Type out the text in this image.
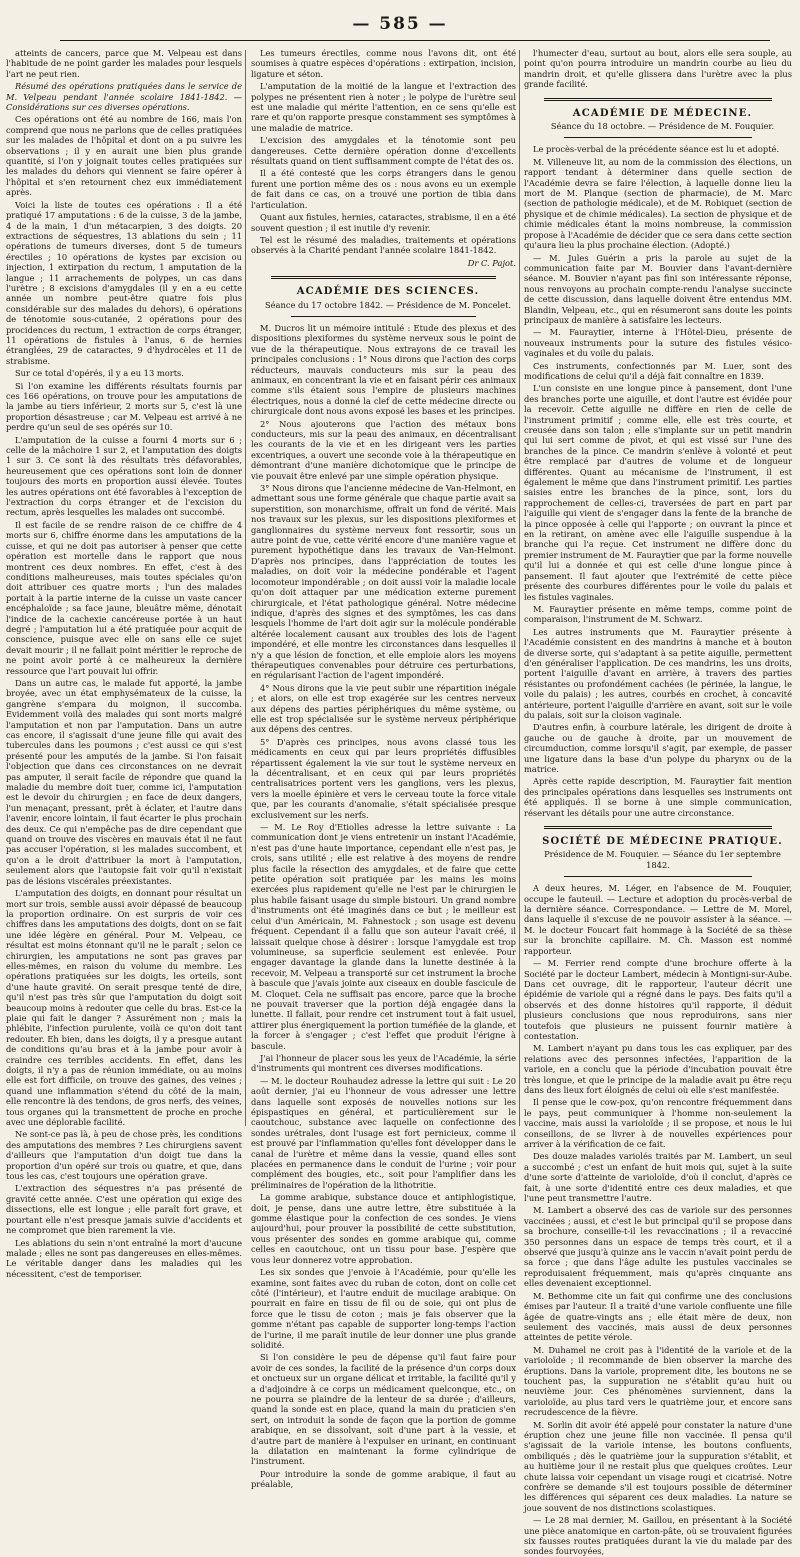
— 585 —

atteints de cancers, parce que M. Velpeau est dans l'habitude de ne point garder les malades pour lesquels l'art ne peut rien.

Résumé des opérations pratiquées dans le service de M. Velpeau pendant l'année scolaire 1841-1842. — Considérations sur ces diverses opérations.

Ces opérations ont été au nombre de 166, mais l'on comprend que nous ne parlons que de celles pratiquées sur les malades de l'hôpital et dont on a pu suivre les observations ; il y en aurait une bien plus grande quantité, si l'on y joignait toutes celles pratiquées sur les malades du dehors qui viennent se faire opérer à l'hôpital et s'en retournent chez eux immédiatement après.

Voici la liste de toutes ces opérations : Il a été pratiqué 17 amputations : 6 de la cuisse, 3 de la jambe, 4 de la main, 1 d'un métacarpien, 3 des doigts. 20 extractions de séquestres, 13 ablations du sein ; 11 opérations de tumeurs diverses, dont 5 de tumeurs érectiles ; 10 opérations de kystes par excision ou injection, 1 extirpation du rectum, 1 amputation de la langue ; 11 arrachements de polypes, un cas dans l'urètre ; 8 excisions d'amygdales (il y en a eu cette année un nombre peut-être quatre fois plus considérable sur des malades du dehors), 6 opérations de ténotomie sous-cutanée, 2 opérations pour des procidences du rectum, 1 extraction de corps étranger, 11 opérations de fistules à l'anus, 6 de hernies étranglées, 29 de cataractes, 9 d'hydrocèles et 11 de strabisme.

Sur ce total d'opérés, il y a eu 13 morts.

Si l'on examine les différents résultats fournis par ces 166 opérations, on trouve pour les amputations de la jambe au tiers inférieur, 2 morts sur 5, c'est là une proportion désastreuse ; car M. Velpeau est arrivé à ne perdre qu'un seul de ses opérés sur 10.

L'amputation de la cuisse a fourni 4 morts sur 6 ; celle de la mâchoire 1 sur 2, et l'amputation des doigts 1 sur 3. Ce sont là des résultats très défavorables, heureusement que ces opérations sont loin de donner toujours des morts en proportion aussi élevée. Toutes les autres opérations ont été favorables à l'exception de l'extraction du corps étranger et de l'excision du rectum, après lesquelles les malades ont succombé.

Il est facile de se rendre raison de ce chiffre de 4 morts sur 6, chiffre énorme dans les amputations de la cuisse, et qui ne doit pas autoriser à penser que cette opération est mortelle dans le rapport que nous montrent ces deux nombres. En effet, c'est à des conditions malheureuses, mais toutes spéciales qu'on doit attribuer ces quatre morts ; l'un des malades portait à la partie interne de la cuisse un vaste cancer encéphaloïde ; sa face jaune, bleuâtre même, dénotait l'indice de la cachexie cancéreuse portée à un haut degré ; l'amputation lui a été pratiquée pour acquit de conscience, puisque avec elle on sans elle ce sujet devait mourir ; il ne fallait point méritier le reproche de ne point avoir porté à ce malheureux la dernière ressource que l'art pouvait lui offrir.

Dans un autre cas, le malade fut apporté, la jambe broyée, avec un état emphysémateux de la cuisse, la gangrène s'empara du moignon, il succomba. Evidemment voilà des malades qui sont morts malgré l'amputation et non par l'amputation. Dans un autre cas encore, il s'agissait d'une jeune fille qui avait des tubercules dans les poumons ; c'est aussi ce qui s'est présenté pour les amputés de la jambe. Si l'on faisait l'objection que dans ces circonstances on ne devrait pas amputer, il serait facile de répondre que quand la maladie du membre doit tuer, comme ici, l'amputation est le devoir du chirurgien ; en face de deux dangers, l'un menaçant, pressant, prêt à éclater, et l'autre dans l'avenir, encore lointain, il faut écarter le plus prochain des deux. Ce qui n'empêche pas de dire cependant que quand on trouve des viscères en mauvais état il ne faut pas accuser l'opération, si les malades succombent, et qu'on a le droit d'attribuer la mort à l'amputation, seulement alors que l'autopsie fait voir qu'il n'existait pas de lésions viscérales préexistantes.

L'amputation des doigts, en donnant pour résultat un mort sur trois, semble aussi avoir dépassé de beaucoup la proportion ordinaire. On est surpris de voir ces chiffres dans les amputations des doigts, dont on se fait une idée légère en général. Pour M. Velpeau, ce résultat est moins étonnant qu'il ne le paraît ; selon ce chirurgien, les amputations ne sont pas graves par elles-mêmes, en raison du volume du membre. Les opérations pratiquées sur les doigts, les orteils, sont d'une haute gravité. On serait presque tenté de dire, qu'il n'est pas très sûr que l'amputation du doigt soit beaucoup moins à redouter que celle du bras. Est-ce la plaie qui fait le danger ? Assurément non ; mais la phlébite, l'infection purulente, voilà ce qu'on doit tant redouter. Eh bien, dans les doigts, il y a presque autant de conditions qu'au bras et à la jambe pour avoir à craindre ces terribles accidents. En effet, dans les doigts, il n'y a pas de réunion immédiate, ou au moins elle est fort difficile, on trouve des gaines, des veines ; quand une inflammation s'étend du côté de la main, elle rencontre là des tendons, de gros nerfs, des veines, tous organes qui la transmettent de proche en proche avec une déplorable facilité.

Ne sont-ce pas là, à peu de chose près, les conditions des amputations des membres ? Les chirurgiens savent d'ailleurs que l'amputation d'un doigt tue dans la proportion d'un opéré sur trois ou quatre, et que, dans tous les cas, c'est toujours une opération grave.

L'extraction des séquestres n'a pas présenté de gravité cette année. C'est une opération qui exige des dissections, elle est longue ; elle paraît fort grave, et pourtant elle n'est presque jamais suivie d'accidents et ne compromet que bien rarement la vie.

Les ablations du sein n'ont entraîné la mort d'aucune malade ; elles ne sont pas dangereuses en elles-mêmes. Le véritable danger dans les maladies qui les nécessitent, c'est de temporiser.

Les tumeurs érectiles, comme nous l'avons dit, ont été soumises à quatre espèces d'opérations : extirpation, incision, ligature et séton.

L'amputation de la moitié de la langue et l'extraction des polypes ne présentent rien à noter ; le polype de l'urètre seul est une maladie qui mérite l'attention, en ce sens qu'elle est rare et qu'on rapporte presque constamment ses symptômes à une maladie de matrice.

L'excision des amygdales et la ténotomie sont peu dangereuses. Cette dernière opération donne d'excellents résultats quand on tient suffisamment compte de l'état des os.

Il a été contesté que les corps étrangers dans le genou furent une portion même des os : nous avons eu un exemple de fait dans ce cas, on a trouvé une portion de tibia dans l'articulation.

Quant aux fistules, hernies, cataractes, strabisme, il en a été souvent question ; il est inutile d'y revenir.

Tel est le résumé des maladies, traitements et opérations observés à la Charité pendant l'année scolaire 1841-1842.

Dr C. Pajot.

ACADÉMIE DES SCIENCES.

Séance du 17 octobre 1842. — Présidence de M. Poncelet.

M. Ducros lit un mémoire intitulé : Etude des plexus et des dispositions plexiformes du système nerveux sous le point de vue de la thérapeutique. Nous extrayons de ce travail les principales conclusions : 1° Nous dirons que l'action des corps réducteurs, mauvais conducteurs mis sur la peau des animaux, en concentrant la vie et en faisant périr ces animaux comme s'ils étaient sous l'empire de plusieurs machines électriques, nous a donné la clef de cette médecine directe ou chirurgicale dont nous avons exposé les bases et les principes.

2° Nous ajouterons que l'action des métaux bons conducteurs, mis sur la peau des animaux, en décentralisant les courants de la vie et en les dirigeant vers les parties excentriques, a ouvert une seconde voie à la thérapeutique en démontrant d'une manière dichotomique que le principe de vie pouvait être enlevé par une simple opération physique.

3° Nous dirons que l'ancienne médecine de Van-Helmont, en admettant sous une forme générale que chaque partie avait sa superstition, son monarchisme, offrait un fond de vérité. Mais nos travaux sur les plexus, sur les dispositions plexiformes et ganglionnaires du système nerveux font ressortir, sous un autre point de vue, cette vérité encore d'une manière vague et purement hypothétique dans les travaux de Van-Helmont. D'après nos principes, dans l'appréciation de toutes les maladies, on doit voir la médecine pondérable et l'agent locomoteur impondérable ; on doit aussi voir la maladie locale qu'on doit attaquer par une médication externe purement chirurgicale, et l'état pathologique général. Notre médecine indique, d'après des signes et des symptômes, les cas dans lesquels l'homme de l'art doit agir sur la molécule pondérable altérée localement causant aux troubles des lois de l'agent impondéré, et elle montre les circonstances dans lesquelles il n'y a que lésion de fonction, et elle emploie alors les moyens thérapeutiques convenables pour détruire ces perturbations, en régularisant l'action de l'agent impondéré.

4° Nous dirons que la vie peut subir une répartition inégale ; et alors, on elle est trop exagérée sur les centres nerveux aux dépens des parties périphériques du même système, ou elle est trop spécialisée sur le système nerveux périphérique aux dépens des centres.

5° D'après ces principes, nous avons classé tous les médicaments en ceux qui par leurs propriétés diffusibles répartissent également la vie sur tout le système nerveux en la décentralisant, et en ceux qui par leurs propriétés centralisatrices portent vers les ganglions, vers les plexus, vers la moelle épinière et vers le cerveau toute la force vitale que, par les courants d'anomalie, s'était spécialisée presque exclusivement sur les nerfs.

— M. Le Roy d'Etiolles adresse la lettre suivante : La communication dont je viens entretenir un instant l'Académie, n'est pas d'une haute importance, cependant elle n'est pas, je crois, sans utilité ; elle est relative à des moyens de rendre plus facile la résection des amygdales, et de faire que cette petite opération soit pratiquée par les mains les moins exercées plus rapidement qu'elle ne l'est par le chirurgien le plus habile faisant usage du simple bistouri. Un grand nombre d'instruments ont été imaginés dans ce but ; le meilleur est celui d'un Américain, M. Fahnestock ; son usage est devenu fréquent. Cependant il a fallu que son auteur l'avait créé, il laissait quelque chose à désirer : lorsque l'amygdale est trop volumineuse, sa superficie seulement est enlevée. Pour engager davantage la glande dans la lunette destinée à la recevoir, M. Velpeau a transporté sur cet instrument la broche à bascule que j'avais jointe aux ciseaux en double fascicule de M. Cloquet. Cela ne suffisait pas encore, parce que la broche ne pouvait traverser que la portion déjà engagée dans la lunette. Il fallait, pour rendre cet instrument tout à fait usuel, attirer plus énergiquement la portion tuméfiée de la glande, et la forcer à s'engager ; c'est l'effet que produit l'érigne à bascule.

J'ai l'honneur de placer sous les yeux de l'Académie, la série d'instruments qui montrent ces diverses modifications.

— M. le docteur Rouhaudez adresse la lettre qui suit : Le 20 août dernier, j'ai eu l'honneur de vous adresser une lettre dans laquelle sont exposés de nouvelles notions sur les épispastiques en général, et particulièrement sur le caoutchouc, substance avec laquelle on confectionne des sondes urétrales, dont l'usage est fort pernicieux, comme il est prouvé par l'inflammation qu'elles font développer dans le canal de l'urètre et même dans la vessie, quand elles sont placées en permanence dans le conduit de l'urine ; voir pour complément des bougies, etc., soit pour l'amplifier dans les préliminaires de l'opération de la lithotritie.

La gomme arabique, substance douce et antiphlogistique, doit, je pense, dans une autre lettre, être substituée à la gomme élastique pour la confection de ces sondes. Je viens aujourd'hui, pour prouver la possibilité de cette substitution, vous présenter des sondes en gomme arabique qui, comme celles en caoutchouc, ont un tissu pour base. J'espère que vous leur donnerez votre approbation.

Les six sondes que j'envoie à l'Académie, pour qu'elle les examine, sont faites avec du ruban de coton, dont on colle cet côté (l'intérieur), et l'autre enduit de mucilage arabique. On pourrait en faire en tissu de fil ou de soie, qui ont plus de force que le tissu de coton ; mais je fais observer que la gomme n'étant pas capable de supporter long-temps l'action de l'urine, il me paraît inutile de leur donner une plus grande solidité.

Si l'on considère le peu de dépense qu'il faut faire pour avoir de ces sondes, la facilité de la présence d'un corps doux et onctueux sur un organe délicat et irritable, la facilité qu'il y a d'adjoindre à ce corps un médicament quelconque, etc., on ne pourra se plaindre de la lenteur de sa durée ; d'ailleurs, quand la sonde est en place, quand la main du praticien s'en sert, on introduit la sonde de façon que la portion de gomme arabique, en se dissolvant, soit d'une part à la vessie, et d'autre part de manière à l'expulser en urinant, en continuant la dilatation en maintenant la forme cylindrique de l'instrument.

Pour introduire la sonde de gomme arabique, il faut au préalable,

l'humecter d'eau, surtout au bout, alors elle sera souple, au point qu'on pourra introduire un mandrin courbe au lieu du mandrin droit, et qu'elle glissera dans l'urètre avec la plus grande facilité.

ACADÉMIE DE MÉDECINE.

Séance du 18 octobre. — Présidence de M. Fouquier.

Le procès-verbal de la précédente séance est lu et adopté.

M. Villeneuve lit, au nom de la commission des élections, un rapport tendant à déterminer dans quelle section de l'Académie devra se faire l'élection, à laquelle donne lieu la mort de M. Planque (section de pharmacie), de M. Marc (section de pathologie médicale), et de M. Robiquet (section de physique et de chimie médicales). La section de physique et de chimie médicales étant la moins nombreuse, la commission propose à l'Académie de décider que ce sera dans cette section qu'aura lieu la plus prochaine élection. (Adopté.)

— M. Jules Guérin a pris la parole au sujet de la communication faite par M. Bouvier dans l'avant-dernière séance. M. Bouvier n'ayant pas fini son intéressante réponse, nous renvoyons au prochain compte-rendu l'analyse succincte de cette discussion, dans laquelle doivent être entendus MM. Blandin, Velpeau, etc., qui en résumeront sans doute les points principaux de manière à satisfaire les lecteurs.

— M. Fauraytier, interne à l'Hôtel-Dieu, présente de nouveaux instruments pour la suture des fistules vésico-vaginales et du voile du palais.

Ces instruments, confectionnés par M. Luer, sont des modifications de celui qu'il a déjà fait connaître en 1839.

L'un consiste en une longue pince à pansement, dont l'une des branches porte une aiguille, et dont l'autre est évidée pour la recevoir. Cette aiguille ne diffère en rien de celle de l'instrument primitif ; comme elle, elle est très courte, et creusée dans son talon ; elle s'implante sur un petit mandrin qui lui sert comme de pivot, et qui est vissé sur l'une des branches de la pince. Ce mandrin s'enlève à volonté et peut être remplacé par d'autres de volume et de longueur différentes. Quant au mécanisme de l'instrument, il est également le même que dans l'instrument primitif. Les parties saisies entre les branches de la pince, sont, lors du rapprochement de celles-ci, traversées de part en part par l'aiguille qui vient de s'engager dans la fente de la branche de la pince opposée à celle qui l'apporte ; on ouvrant la pince et en la retirant, on amène avec elle l'aiguille suspendue à la branche qui l'a reçue. Cet instrument ne diffère donc du premier instrument de M. Fauraytier que par la forme nouvelle qu'il lui a donnée et qui est celle d'une longue pince à pansement. Il faut ajouter que l'extrémité de cette pièce présente des courbures différentes pour le voile du palais et les fistules vaginales.

M. Fauraytier présente en même temps, comme point de comparaison, l'instrument de M. Schwarz.

Les autres instruments que M. Fauraytier présente à l'Académie consistent en des mandrins à manche et à bouton de diverse sorte, qui s'adaptant à sa petite aiguille, permettent d'en généraliser l'application. De ces mandrins, les uns droits, portent l'aiguille d'avant en arrière, à travers des parties résistantes ou profondément cachées (le périnée, la langue, le voile du palais) ; les autres, courbés en crochet, à concavité antérieure, portent l'aiguille d'arrière en avant, soit sur le voile du palais, soit sur la cloison vaginale.

D'autres enfin, à courbure latérale, les dirigent de droite à gauche ou de gauche à droite, par un mouvement de circumduction, comme lorsqu'il s'agit, par exemple, de passer une ligature dans la base d'un polype du pharynx ou de la matrice.

Après cette rapide description, M. Fauraytier fait mention des principales opérations dans lesquelles ses instruments ont été appliqués. Il se borne à une simple communication, réservant les détails pour une autre circonstance.

SOCIÉTÉ DE MÉDECINE PRATIQUE.

Présidence de M. Fouquier. — Séance du 1er septembre 1842.

A deux heures, M. Léger, en l'absence de M. Fouquier, occupe le fauteuil. — Lecture et adoption du procès-verbal de la dernière séance. Correspondance. — Lettre de M. Morel, dans laquelle il s'excuse de ne pouvoir assister à la séance. — M. le docteur Foucart fait hommage à la Société de sa thèse sur la bronchite capillaire. M. Ch. Masson est nommé rapporteur.

— M. Ferrier rend compte d'une brochure offerte à la Société par le docteur Lambert, médecin à Montigni-sur-Aube. Dans cet ouvrage, dit le rapporteur, l'auteur décrit une épidémie de variole qui a régné dans le pays. Des faits qu'il a observés et des donne histoires qu'il rapporte, il déduit plusieurs conclusions que nous reproduirons, sans nier toutefois que plusieurs ne puissent fournir matière à contestation.

M. Lambert n'ayant pu dans tous les cas expliquer, par des relations avec des personnes infectées, l'apparition de la variole, en a conclu que la période d'incubation pouvait être très longue, et que le principe de la maladie avait pu être reçu dans des lieux fort éloignés de celui où elle s'est manifestée.

Il pense que le cow-pox, qu'on rencontre fréquemment dans le pays, peut communiquer à l'homme non-seulement la vaccine, mais aussi la varioloïde ; il se propose, et nous le lui conseillons, de se livrer à de nouvelles expériences pour arriver à la vérification de ce fait.

Des douze malades variolés traités par M. Lambert, un seul a succombé ; c'est un enfant de huit mois qui, sujet à la suite d'une sorte d'atteinte de varioloïde, d'où il conclut, d'après ce fait, à une sorte d'identité entre ces deux maladies, et que l'une peut transmettre l'autre.

M. Lambert a observé des cas de variole sur des personnes vaccinées ; aussi, et c'est le but principal qu'il se propose dans sa brochure, conseille-t-il les revaccinations ; il a revacciné 350 personnes dans un espace de temps très court, et il a observé que jusqu'à quinze ans le vaccin n'avait point perdu de sa force ; que dans l'âge adulte les pustules vaccinales se reproduisaient fréquemment, mais qu'après cinquante ans elles devenaient exceptionnel.

M. Bethomme cite un fait qui confirme une des conclusions émises par l'auteur. Il a traité d'une variole confluente une fille âgée de quatre-vingts ans ; elle était mère de deux, non seulement des vaccinés, mais aussi de deux personnes atteintes de petite vérole.

M. Duhamel ne croit pas à l'identité de la variole et de la varioloïde ; il recommande de bien observer la marche des éruptions. Dans la variole, proprement dite, les boutons ne se touchent pas, la suppuration ne s'établit qu'au huit ou neuvième jour. Ces phénomènes surviennent, dans la varioloïde, au plus tard vers le quatrième jour, et encore sans recrudescence de la fièvre.

M. Sorlin dit avoir été appelé pour constater la nature d'une éruption chez une jeune fille non vaccinée. Il pensa qu'il s'agissait de la variole intense, les boutons confluents, ombiliqués ; dès le quatrième jour la suppuration s'établit, et au huitième jour il ne restait plus que quelques croûtes. Leur chute laissa voir cependant un visage rougi et cicatrisé. Notre confrère se demande s'il est toujours possible de déterminer les différences qui séparent ces deux maladies. La nature se joue souvent de nos distinctions scolastiques.

— Le 28 mai dernier, M. Gaillou, en présentant à la Société une pièce anatomique en carton-pâte, où se trouvaient figurées six fausses routes pratiquées durant la vie du malade par des sondes fourvoyées,
